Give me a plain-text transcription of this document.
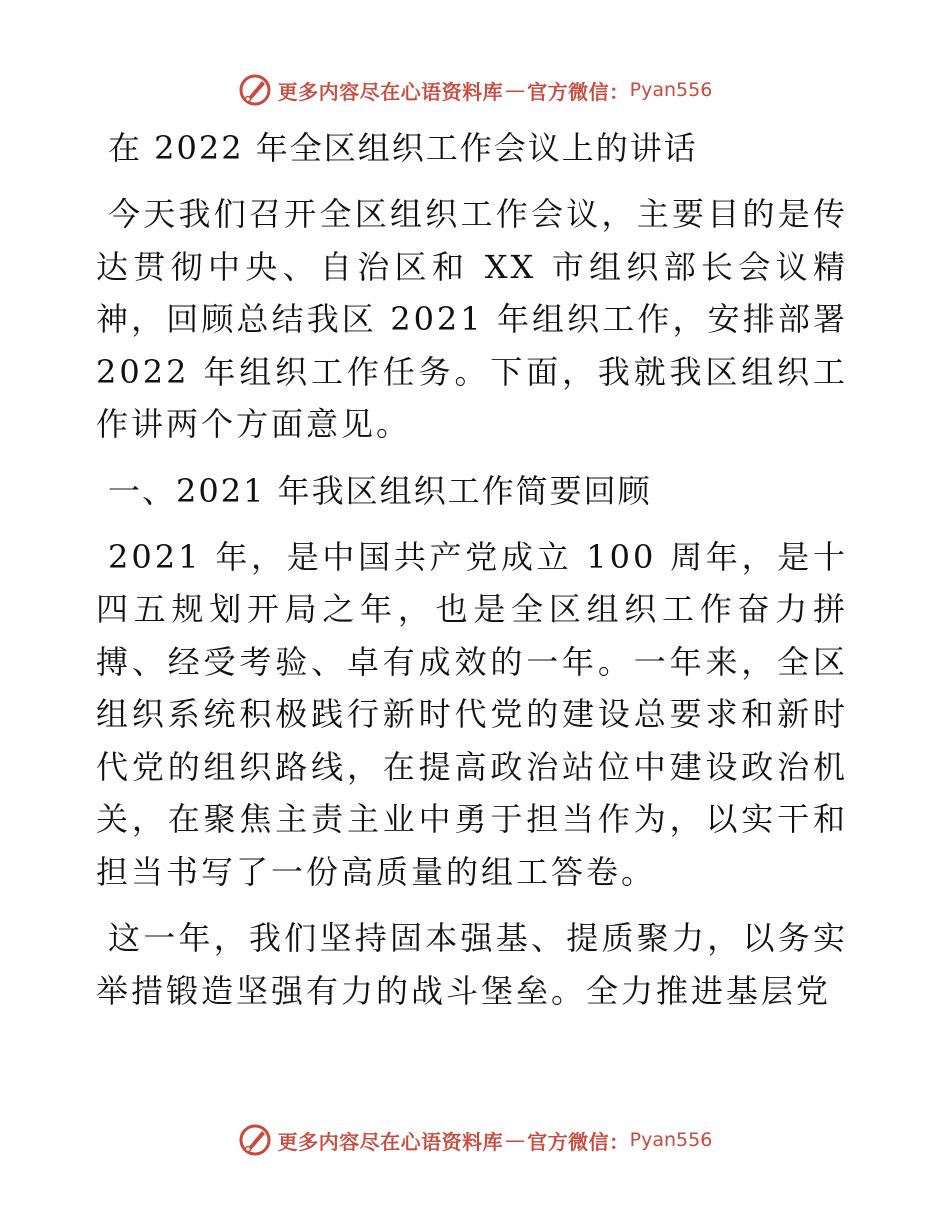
更多内容尽在心语资料库 — 官方微信： Pyan556
在 2022 年全区组织工作会议上的讲话

今天我们召开全区组织工作会议，主要目的是传达贯彻中央、自治区和 XX 市组织部长会议精神，回顾总结我区 2021 年组织工作，安排部署 2022 年组织工作任务。下面，我就我区组织工作讲两个方面意见。

一、2021 年我区组织工作简要回顾

2021 年，是中国共产党成立 100 周年，是十四五规划开局之年，也是全区组织工作奋力拼搏、经受考验、卓有成效的一年。一年来，全区组织系统积极践行新时代党的建设总要求和新时代党的组织路线，在提高政治站位中建设政治机关，在聚焦主责主业中勇于担当作为，以实干和担当书写了一份高质量的组工答卷。

这一年，我们坚持固本强基、提质聚力，以务实举措锻造坚强有力的战斗堡垒。全力推进基层党

更多内容尽在心语资料库 — 官方微信： Pyan556
